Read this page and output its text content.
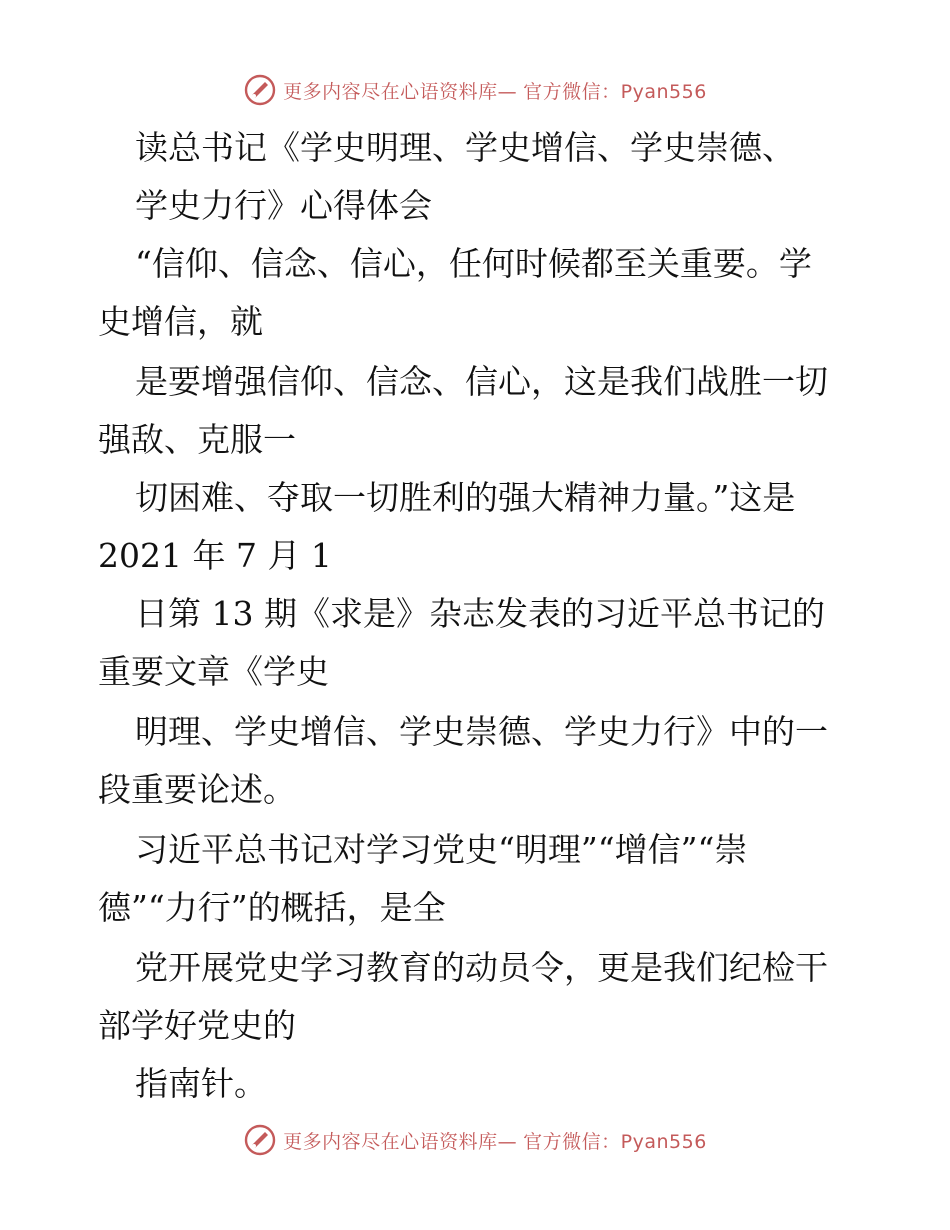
更多内容尽在心语资料库— 官方微信：Pyan556
读总书记《学史明理、学史增信、学史崇德、
学史力行》心得体会
“信仰、信念、信心，任何时候都至关重要。学
史增信，就
是要增强信仰、信念、信心，这是我们战胜一切
强敌、克服一
切困难、夺取一切胜利的强大精神力量。”这是
2021 年 7 月 1
日第 13 期《求是》杂志发表的习近平总书记的
重要文章《学史
明理、学史增信、学史崇德、学史力行》中的一
段重要论述。
习近平总书记对学习党史“明理”“增信”“崇
德”“力行”的概括，是全
党开展党史学习教育的动员令，更是我们纪检干
部学好党史的
指南针。
更多内容尽在心语资料库— 官方微信：Pyan556
